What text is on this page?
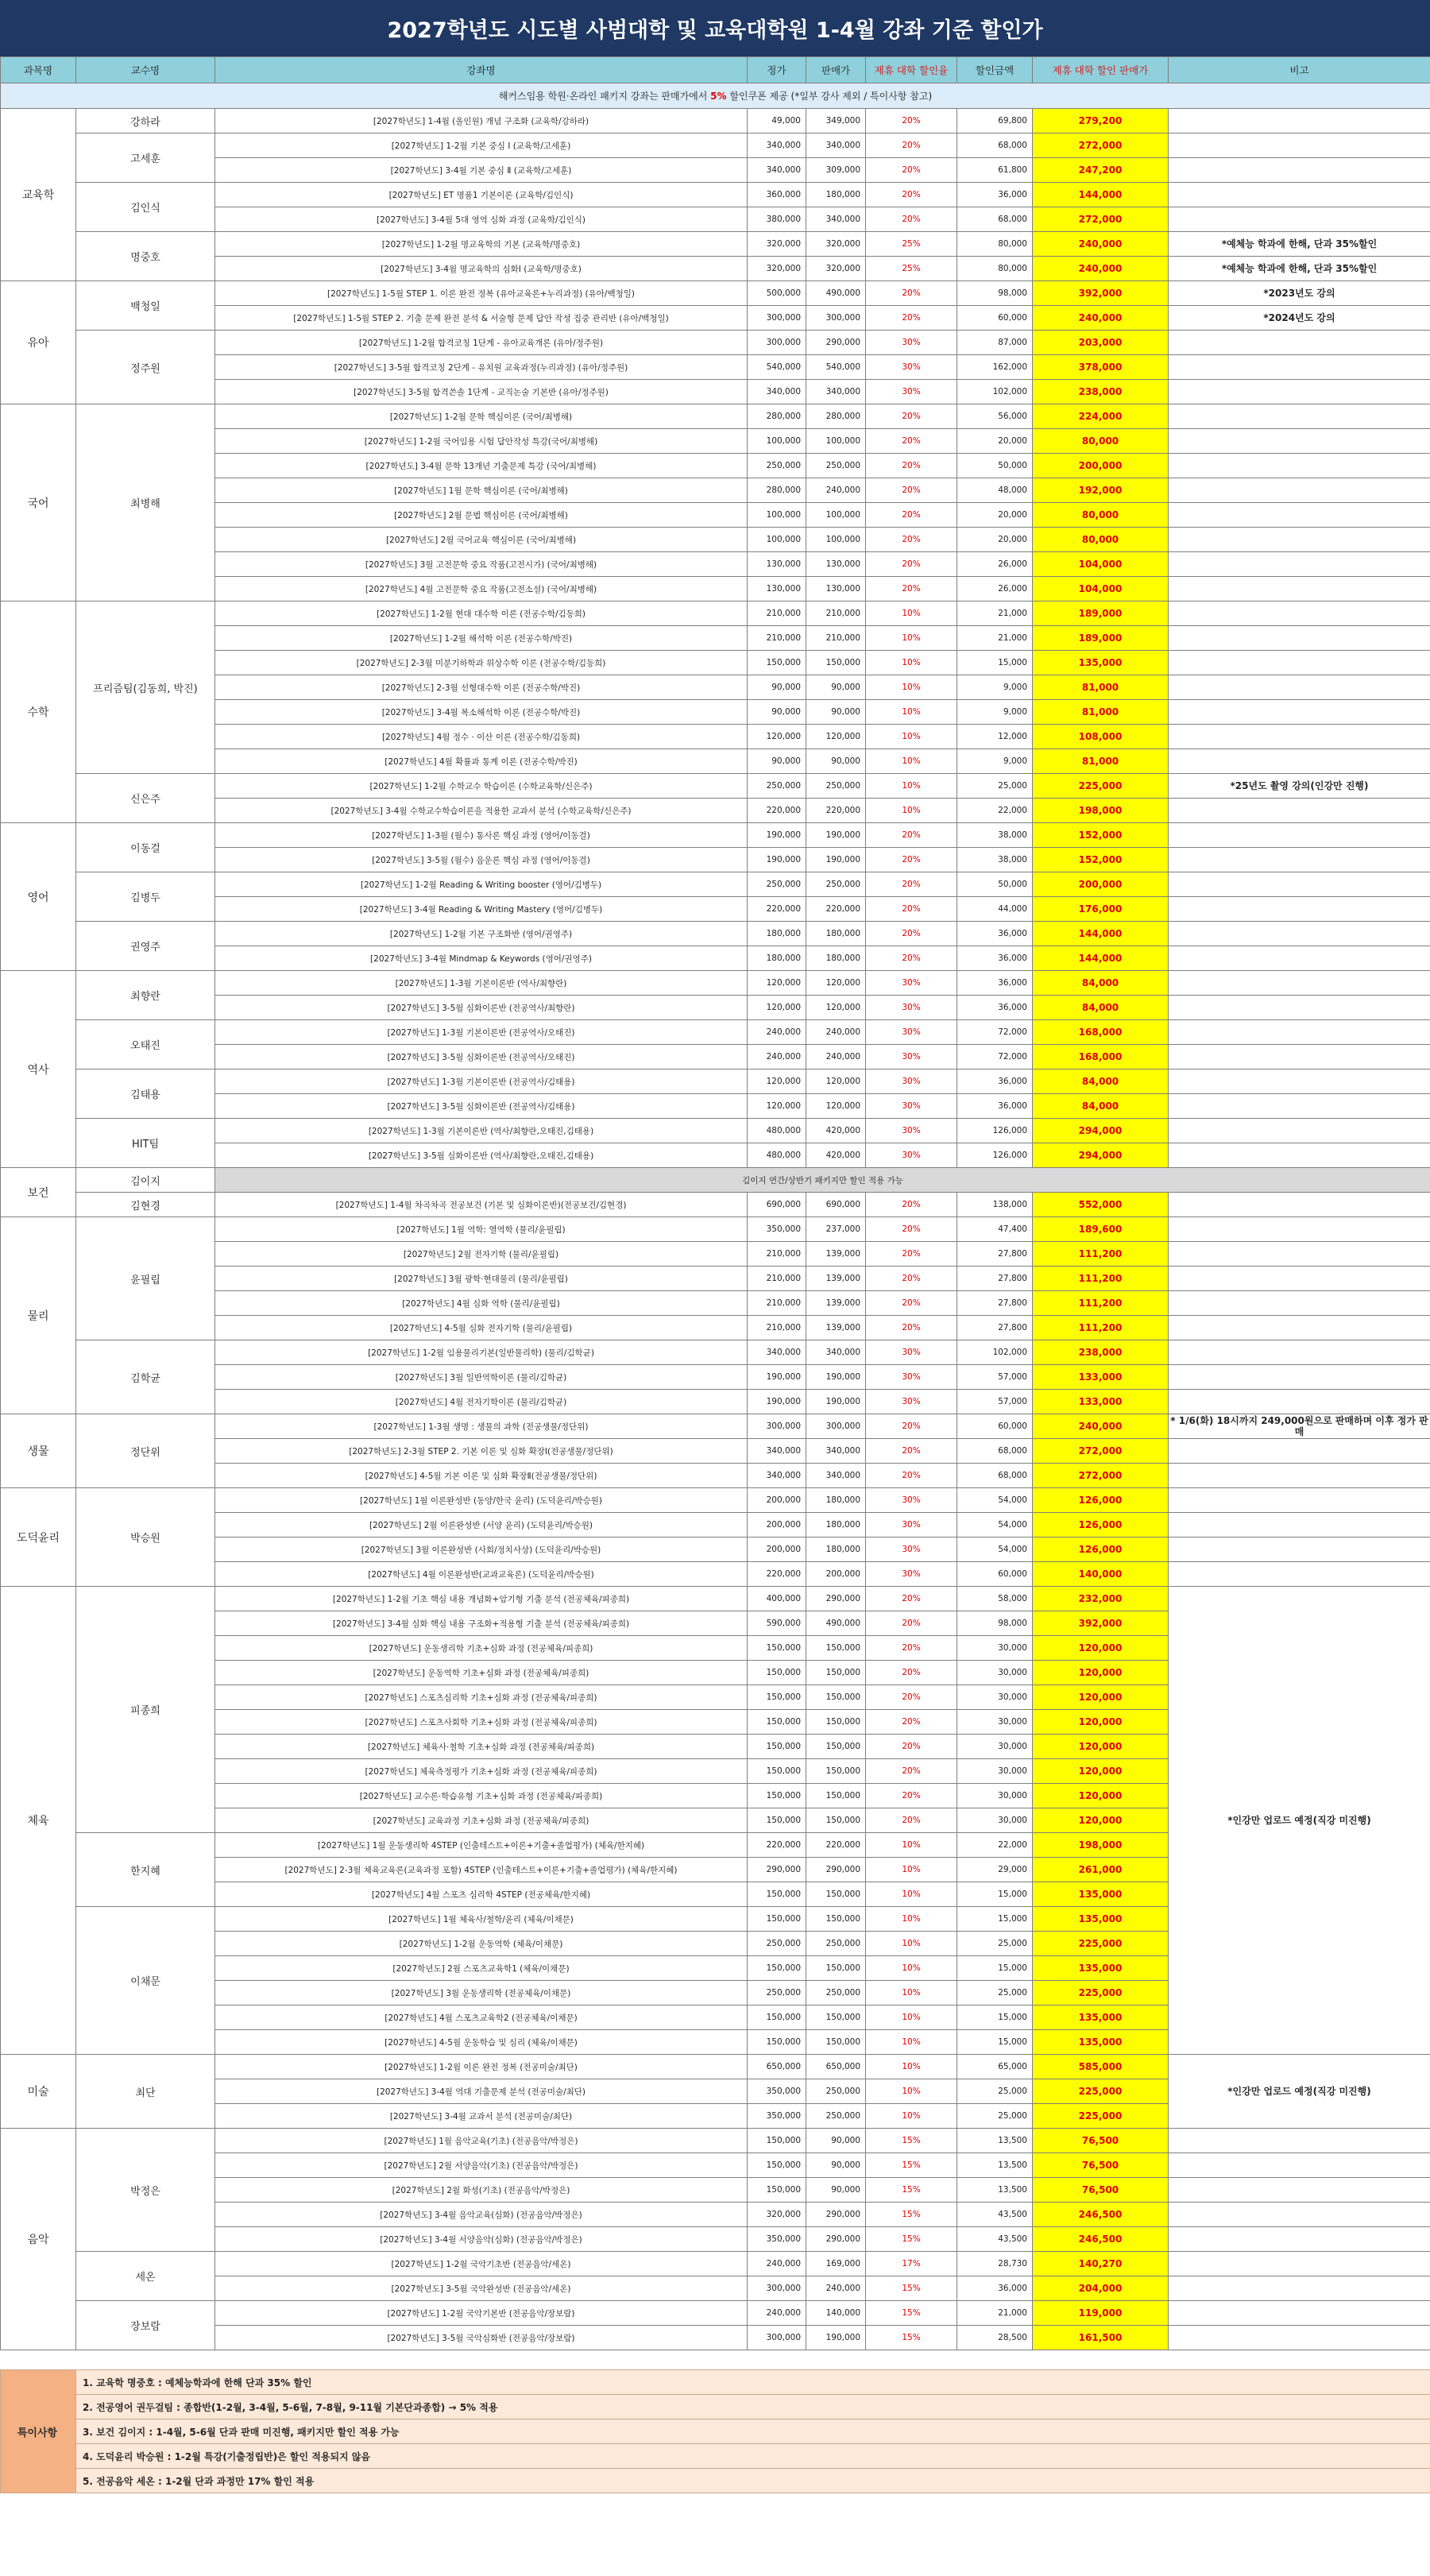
2027학년도 시도별 사범대학 및 교육대학원 1-4월 강좌 기준 할인가
과목명	교수명	강좌명	정가	판매가	제휴 대학 할인율	할인금액	제휴 대학 할인 판매가	비고
해커스임용 학원·온라인 패키지 강좌는 판매가에서 5% 할인쿠폰 제공 (*일부 강사 제외 / 특이사항 참고)								
교육학	강하라	[2027학년도] 1-4월 (올인원) 개념 구조화 (교육학/강하라)	49,000	349,000	20%	69,800	279,200	
	고세훈	[2027학년도] 1-2월 기본 중심 Ⅰ (교육학/고세훈)	340,000	340,000	20%	68,000	272,000	
		[2027학년도] 3-4월 기본 중심 Ⅱ (교육학/고세훈)	340,000	309,000	20%	61,800	247,200	
	김인식	[2027학년도] ET 명품1 기본이론 (교육학/김인식)	360,000	180,000	20%	36,000	144,000	
		[2027학년도] 3-4월 5대 영역 심화 과정 (교육학/김인식)	380,000	340,000	20%	68,000	272,000	
	명중호	[2027학년도] 1-2월 명교육학의 기본 (교육학/명중호)	320,000	320,000	25%	80,000	240,000	*예체능 학과에 한해, 단과 35%할인
		[2027학년도] 3-4월 명교육학의 심화Ⅰ (교육학/명중호)	320,000	320,000	25%	80,000	240,000	*예체능 학과에 한해, 단과 35%할인
유아	백청일	[2027학년도] 1-5월 STEP 1. 이론 완전 정복 (유아교육론+누리과정) (유아/백청일)	500,000	490,000	20%	98,000	392,000	*2023년도 강의
		[2027학년도] 1-5월 STEP 2. 기출 문제 완전 분석 & 서술형 문제 답안 작성 집중 관리반 (유아/백청일)	300,000	300,000	20%	60,000	240,000	*2024년도 강의
	정주원	[2027학년도] 1-2월 합격코칭 1단계 - 유아교육개론 (유아/정주원)	300,000	290,000	30%	87,000	203,000	
		[2027학년도] 3-5월 합격코칭 2단계 - 유치원 교육과정(누리과정) (유아/정주원)	540,000	540,000	30%	162,000	378,000	
		[2027학년도] 3-5월 합격쓴솔 1단계 - 교직논술 기본반 (유아/정주원)	340,000	340,000	30%	102,000	238,000	
국어	최병해	[2027학년도] 1-2월 문학 핵심이론 (국어/최병해)	280,000	280,000	20%	56,000	224,000	
		[2027학년도] 1-2월 국어임용 시험 답안작성 특강(국어/최병해)	100,000	100,000	20%	20,000	80,000	
		[2027학년도] 3-4월 문학 13개년 기출문제 특강 (국어/최병해)	250,000	250,000	20%	50,000	200,000	
		[2027학년도] 1월 문학 핵심이론 (국어/최병해)	280,000	240,000	20%	48,000	192,000	
		[2027학년도] 2월 문법 핵심이론 (국어/최병해)	100,000	100,000	20%	20,000	80,000	
		[2027학년도] 2월 국어교육 핵심이론 (국어/최병해)	100,000	100,000	20%	20,000	80,000	
		[2027학년도] 3월 고전문학 중요 작품(고전시가) (국어/최병해)	130,000	130,000	20%	26,000	104,000	
		[2027학년도] 4월 고전문학 중요 작품(고전소설) (국어/최병해)	130,000	130,000	20%	26,000	104,000	
수학	프리즘팀(김동희, 박진)	[2027학년도] 1-2월 현대 대수학 이론 (전공수학/김동희)	210,000	210,000	10%	21,000	189,000	
		[2027학년도] 1-2월 해석학 이론 (전공수학/박진)	210,000	210,000	10%	21,000	189,000	
		[2027학년도] 2-3월 미분기하학과 위상수학 이론 (전공수학/김동희)	150,000	150,000	10%	15,000	135,000	
		[2027학년도] 2-3월 선형대수학 이론 (전공수학/박진)	90,000	90,000	10%	9,000	81,000	
		[2027학년도] 3-4월 복소해석학 이론 (전공수학/박진)	90,000	90,000	10%	9,000	81,000	
		[2027학년도] 4월 정수 · 이산 이론 (전공수학/김동희)	120,000	120,000	10%	12,000	108,000	
		[2027학년도] 4월 확률과 통계 이론 (전공수학/박진)	90,000	90,000	10%	9,000	81,000	
	신은주	[2027학년도] 1-2월 수학교수 학습이론 (수학교육학/신은주)	250,000	250,000	10%	25,000	225,000	*25년도 촬영 강의(인강만 진행)
		[2027학년도] 3-4월 수학교수학습이론을 적용한 교과서 분석 (수학교육학/신은주)	220,000	220,000	10%	22,000	198,000	
영어	이동걸	[2027학년도] 1-3월 (월수) 통사론 핵심 과정 (영어/이동걸)	190,000	190,000	20%	38,000	152,000	
		[2027학년도] 3-5월 (월수) 음운론 핵심 과정 (영어/이동걸)	190,000	190,000	20%	38,000	152,000	
	김병두	[2027학년도] 1-2월 Reading & Writing booster (영어/김병두)	250,000	250,000	20%	50,000	200,000	
		[2027학년도] 3-4월 Reading & Writing Mastery (영어/김병두)	220,000	220,000	20%	44,000	176,000	
	권영주	[2027학년도] 1-2월 기본 구조화반 (영어/권영주)	180,000	180,000	20%	36,000	144,000	
		[2027학년도] 3-4월 Mindmap & Keywords (영어/권영주)	180,000	180,000	20%	36,000	144,000	
역사	최향란	[2027학년도] 1-3월 기본이론반 (역사/최향란)	120,000	120,000	30%	36,000	84,000	
		[2027학년도] 3-5월 심화이론반 (전공역사/최향란)	120,000	120,000	30%	36,000	84,000	
	오태진	[2027학년도] 1-3월 기본이론반 (전공역사/오태진)	240,000	240,000	30%	72,000	168,000	
		[2027학년도] 3-5월 심화이론반 (전공역사/오태진)	240,000	240,000	30%	72,000	168,000	
	김태용	[2027학년도] 1-3월 기본이론반 (전공역사/김태용)	120,000	120,000	30%	36,000	84,000	
		[2027학년도] 3-5월 심화이론반 (전공역사/김태용)	120,000	120,000	30%	36,000	84,000	
	HIT팀	[2027학년도] 1-3월 기본이론반 (역사/최향란,오태진,김태용)	480,000	420,000	30%	126,000	294,000	
		[2027학년도] 3-5월 심화이론반 (역사/최향란,오태진,김태용)	480,000	420,000	30%	126,000	294,000	
보건	김이지	김이지 연간/상반기 패키지만 할인 적용 가능						
	김현경	[2027학년도] 1-4월 차곡차곡 전공보건 (기본 및 심화이론반)(전공보건/김현경)	690,000	690,000	20%	138,000	552,000	
물리	윤필립	[2027학년도] 1월 역학: 열역학 (물리/윤필립)	350,000	237,000	20%	47,400	189,600	
		[2027학년도] 2월 전자기학 (물리/윤필립)	210,000	139,000	20%	27,800	111,200	
		[2027학년도] 3월 광학·현대물리 (물리/윤필립)	210,000	139,000	20%	27,800	111,200	
		[2027학년도] 4월 심화 역학 (물리/윤필립)	210,000	139,000	20%	27,800	111,200	
		[2027학년도] 4-5월 심화 전자기학 (물리/윤필립)	210,000	139,000	20%	27,800	111,200	
	김학균	[2027학년도] 1-2월 임용물리기본(일반물리학) (물리/김학균)	340,000	340,000	30%	102,000	238,000	
		[2027학년도] 3월 일반역학이론 (물리/김학균)	190,000	190,000	30%	57,000	133,000	
		[2027학년도] 4월 전자기학이론 (물리/김학균)	190,000	190,000	30%	57,000	133,000	
생물	정단위	[2027학년도] 1-3월 생명 : 생물의 과학 (전공생물/정단위)	300,000	300,000	20%	60,000	240,000	* 1/6(화) 18시까지 249,000원으로 판매하며 이후 정가 판매
		[2027학년도] 2-3월 STEP 2. 기본 이론 및 심화 확장Ⅰ(전공생물/정단위)	340,000	340,000	20%	68,000	272,000	
		[2027학년도] 4-5월 기본 이론 및 심화 확장Ⅱ(전공생물/정단위)	340,000	340,000	20%	68,000	272,000	
도덕윤리	박승원	[2027학년도] 1월 이론완성반 (동양/한국 윤리) (도덕윤리/박승원)	200,000	180,000	30%	54,000	126,000	
		[2027학년도] 2월 이론완성반 (서양 윤리) (도덕윤리/박승원)	200,000	180,000	30%	54,000	126,000	
		[2027학년도] 3월 이론완성반 (사회/정치사상) (도덕윤리/박승원)	200,000	180,000	30%	54,000	126,000	
		[2027학년도] 4월 이론완성반(교과교육론) (도덕윤리/박승원)	220,000	200,000	30%	60,000	140,000	
체육	피종희	[2027학년도] 1-2월 기초 핵심 내용 개념화+암기형 기출 분석 (전공체육/피종희)	400,000	290,000	20%	58,000	232,000	*인강만 업로드 예정(직강 미진행)
		[2027학년도] 3-4월 심화 핵심 내용 구조화+적용형 기출 분석 (전공체육/피종희)	590,000	490,000	20%	98,000	392,000	
		[2027학년도] 운동생리학 기초+심화 과정 (전공체육/피종희)	150,000	150,000	20%	30,000	120,000	
		[2027학년도] 운동역학 기초+심화 과정 (전공체육/피종희)	150,000	150,000	20%	30,000	120,000	
		[2027학년도] 스포츠심리학 기초+심화 과정 (전공체육/피종희)	150,000	150,000	20%	30,000	120,000	
		[2027학년도] 스포츠사회학 기초+심화 과정 (전공체육/피종희)	150,000	150,000	20%	30,000	120,000	
		[2027학년도] 체육사·철학 기초+심화 과정 (전공체육/피종희)	150,000	150,000	20%	30,000	120,000	
		[2027학년도] 체육측정평가 기초+심화 과정 (전공체육/피종희)	150,000	150,000	20%	30,000	120,000	
		[2027학년도] 교수론·학습유형 기초+심화 과정 (전공체육/피종희)	150,000	150,000	20%	30,000	120,000	
		[2027학년도] 교육과정 기초+심화 과정 (전공체육/피종희)	150,000	150,000	20%	30,000	120,000	
	한지혜	[2027학년도] 1월 운동생리학 4STEP (인출테스트+이론+기출+졸업평가) (체육/한지혜)	220,000	220,000	10%	22,000	198,000	
		[2027학년도] 2-3월 체육교육론(교육과정 포함) 4STEP (인출테스트+이론+기출+졸업평가) (체육/한지혜)	290,000	290,000	10%	29,000	261,000	
		[2027학년도] 4월 스포츠 심리학 4STEP (전공체육/한지혜)	150,000	150,000	10%	15,000	135,000	
	이채문	[2027학년도] 1월 체육사/철학/윤리 (체육/이채문)	150,000	150,000	10%	15,000	135,000	
		[2027학년도] 1-2월 운동역학 (체육/이채문)	250,000	250,000	10%	25,000	225,000	
		[2027학년도] 2월 스포츠교육학1 (체육/이채문)	150,000	150,000	10%	15,000	135,000	
		[2027학년도] 3월 운동생리학 (전공체육/이채문)	250,000	250,000	10%	25,000	225,000	
		[2027학년도] 4월 스포츠교육학2 (전공체육/이채문)	150,000	150,000	10%	15,000	135,000	
		[2027학년도] 4-5월 운동학습 및 심리 (체육/이채문)	150,000	150,000	10%	15,000	135,000	
미술	최단	[2027학년도] 1-2월 이론 완전 정복 (전공미술/최단)	650,000	650,000	10%	65,000	585,000	*인강만 업로드 예정(직강 미진행)
		[2027학년도] 3-4월 역대 기출문제 분석 (전공미술/최단)	350,000	250,000	10%	25,000	225,000	
		[2027학년도] 3-4월 교과서 분석 (전공미술/최단)	350,000	250,000	10%	25,000	225,000	
음악	박정은	[2027학년도] 1월 음악교육(기초) (전공음악/박정은)	150,000	90,000	15%	13,500	76,500	
		[2027학년도] 2월 서양음악(기초) (전공음악/박정은)	150,000	90,000	15%	13,500	76,500	
		[2027학년도] 2월 화성(기초) (전공음악/박정은)	150,000	90,000	15%	13,500	76,500	
		[2027학년도] 3-4월 음악교육(심화) (전공음악/박정은)	320,000	290,000	15%	43,500	246,500	
		[2027학년도] 3-4월 서양음악(심화) (전공음악/박정은)	350,000	290,000	15%	43,500	246,500	
	세온	[2027학년도] 1-2월 국악기초반 (전공음악/세온)	240,000	169,000	17%	28,730	140,270	
		[2027학년도] 3-5월 국악완성반 (전공음악/세온)	300,000	240,000	15%	36,000	204,000	
	장보람	[2027학년도] 1-2월 국악기본반 (전공음악/장보람)	240,000	140,000	15%	21,000	119,000	
		[2027학년도] 3-5월 국악심화반 (전공음악/장보람)	300,000	190,000	15%	28,500	161,500	
특이사항	1. 교육학 명중호 : 예체능학과에 한해 단과 35% 할인
2. 전공영어 권두걸팀 : 종합반(1-2월, 3-4월, 5-6월, 7-8월, 9-11월 기본단과종합) → 5% 적용
3. 보건 김이지 : 1-4월, 5-6월 단과 판매 미진행, 패키지만 할인 적용 가능
4. 도덕윤리 박승원 : 1-2월 특강(기출정립반)은 할인 적용되지 않음
5. 전공음악 세온 : 1-2월 단과 과정만 17% 할인 적용
